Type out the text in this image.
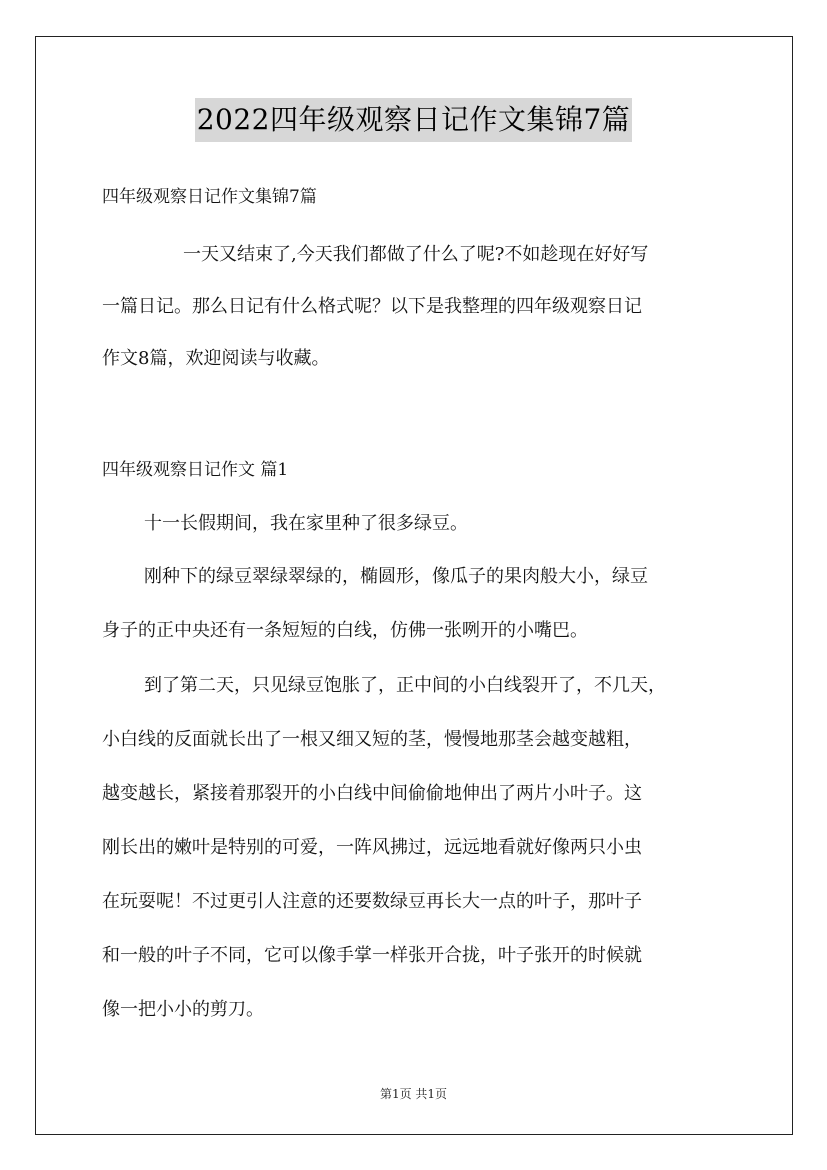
2022四年级观察日记作文集锦7篇
四年级观察日记作文集锦7篇
一天又结束了,今天我们都做了什么了呢?不如趁现在好好写
一篇日记。那么日记有什么格式呢？以下是我整理的四年级观察日记
作文8篇，欢迎阅读与收藏。
四年级观察日记作文 篇1
十一长假期间，我在家里种了很多绿豆。
刚种下的绿豆翠绿翠绿的，椭圆形，像瓜子的果肉般大小，绿豆
身子的正中央还有一条短短的白线，仿佛一张咧开的小嘴巴。
到了第二天，只见绿豆饱胀了，正中间的小白线裂开了，不几天，
小白线的反面就长出了一根又细又短的茎，慢慢地那茎会越变越粗，
越变越长，紧接着那裂开的小白线中间偷偷地伸出了两片小叶子。这
刚长出的嫩叶是特别的可爱，一阵风拂过，远远地看就好像两只小虫
在玩耍呢！不过更引人注意的还要数绿豆再长大一点的叶子，那叶子
和一般的叶子不同，它可以像手掌一样张开合拢，叶子张开的时候就
像一把小小的剪刀。
第1页 共1页
